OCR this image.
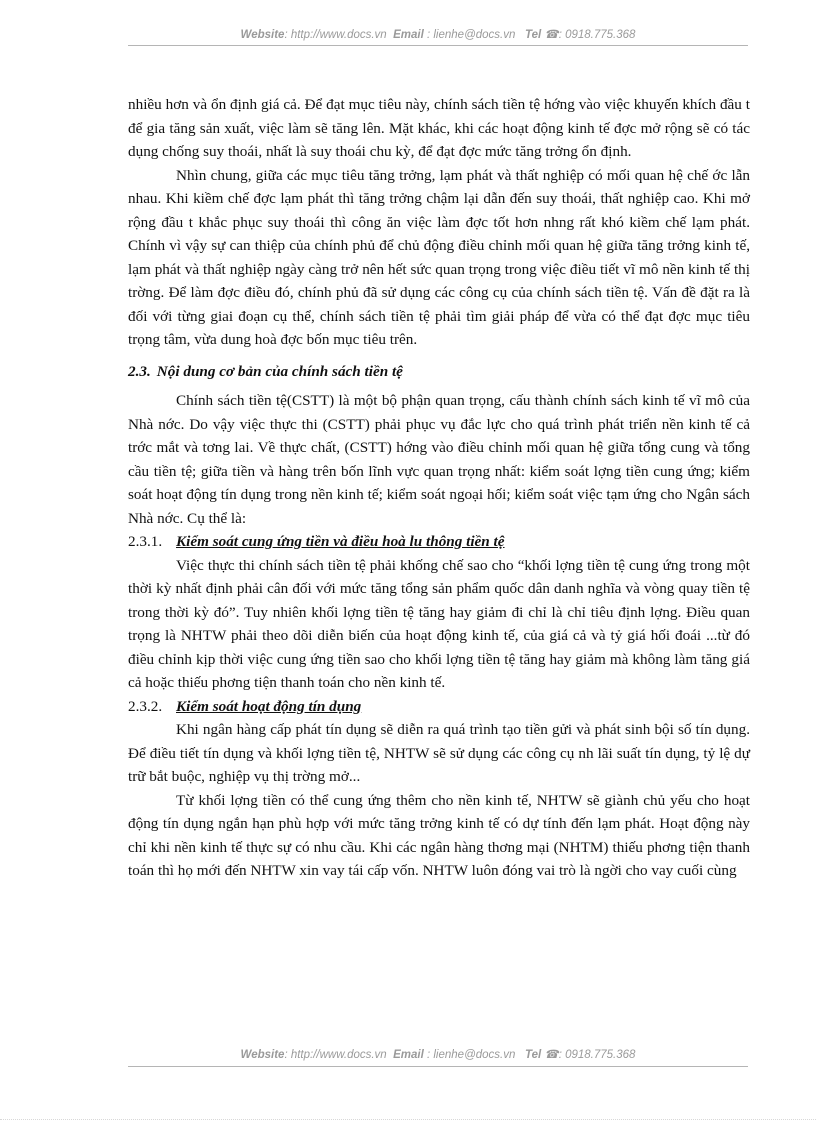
Website: http://www.docs.vn Email : lienhe@docs.vn Tel ☎: 0918.775.368

nhiều hơn và ổn định giá cả. Để đạt mục tiêu này, chính sách tiền tệ hớng vào việc khuyến khích đầu t để gia tăng sản xuất, việc làm sẽ tăng lên. Mặt khác, khi các hoạt động kinh tế đợc mở rộng sẽ có tác dụng chống suy thoái, nhất là suy thoái chu kỳ, để đạt đợc mức tăng trởng ổn định.

Nhìn chung, giữa các mục tiêu tăng trởng, lạm phát và thất nghiệp có mối quan hệ chế ớc lẫn nhau. Khi kiềm chế đợc lạm phát thì tăng trởng chậm lại dẫn đến suy thoái, thất nghiệp cao. Khi mở rộng đầu t khắc phục suy thoái thì công ăn việc làm đợc tốt hơn nhng rất khó kiềm chế lạm phát. Chính vì vậy sự can thiệp của chính phủ để chủ động điều chỉnh mối quan hệ giữa tăng trởng kinh tế, lạm phát và thất nghiệp ngày càng trở nên hết sức quan trọng trong việc điều tiết vĩ mô nền kinh tế thị trờng. Để làm đợc điều đó, chính phủ đã sử dụng các công cụ của chính sách tiền tệ. Vấn đề đặt ra là đối với từng giai đoạn cụ thể, chính sách tiền tệ phải tìm giải pháp để vừa có thể đạt đợc mục tiêu trọng tâm, vừa dung hoà đợc bốn mục tiêu trên.

2.3. Nội dung cơ bản của chính sách tiền tệ

Chính sách tiền tệ(CSTT) là một bộ phận quan trọng, cấu thành chính sách kinh tế vĩ mô của Nhà nớc. Do vậy việc thực thi (CSTT) phải phục vụ đắc lực cho quá trình phát triển nền kinh tế cả trớc mắt và tơng lai. Về thực chất, (CSTT) hớng vào điều chỉnh mối quan hệ giữa tổng cung và tổng cầu tiền tệ; giữa tiền và hàng trên bốn lĩnh vực quan trọng nhất: kiểm soát lợng tiền cung ứng; kiểm soát hoạt động tín dụng trong nền kinh tế; kiểm soát ngoại hối; kiểm soát việc tạm ứng cho Ngân sách Nhà nớc. Cụ thể là:

2.3.1. Kiểm soát cung ứng tiền và điều hoà lu thông tiền tệ

Việc thực thi chính sách tiền tệ phải khống chế sao cho “khối lợng tiền tệ cung ứng trong một thời kỳ nhất định phải cân đối với mức tăng tổng sản phẩm quốc dân danh nghĩa và vòng quay tiền tệ trong thời kỳ đó”. Tuy nhiên khối lợng tiền tệ tăng hay giảm đi chỉ là chỉ tiêu định lợng. Điều quan trọng là NHTW phải theo dõi diễn biến của hoạt động kinh tế, của giá cả và tỷ giá hối đoái ...từ đó điều chỉnh kịp thời việc cung ứng tiền sao cho khối lợng tiền tệ tăng hay giảm mà không làm tăng giá cả hoặc thiếu phơng tiện thanh toán cho nền kinh tế.

2.3.2. Kiểm soát hoạt động tín dụng

Khi ngân hàng cấp phát tín dụng sẽ diễn ra quá trình tạo tiền gửi và phát sinh bội số tín dụng. Để điều tiết tín dụng và khối lợng tiền tệ, NHTW sẽ sử dụng các công cụ nh lãi suất tín dụng, tỷ lệ dự trữ bắt buộc, nghiệp vụ thị trờng mở...

Từ khối lợng tiền có thể cung ứng thêm cho nền kinh tế, NHTW sẽ giành chủ yếu cho hoạt động tín dụng ngắn hạn phù hợp với mức tăng trởng kinh tế có dự tính đến lạm phát. Hoạt động này chỉ khi nền kinh tế thực sự có nhu cầu. Khi các ngân hàng thơng mại (NHTM) thiếu phơng tiện thanh toán thì họ mới đến NHTW xin vay tái cấp vốn. NHTW luôn đóng vai trò là ngời cho vay cuối cùng

Website: http://www.docs.vn Email : lienhe@docs.vn Tel ☎: 0918.775.368
